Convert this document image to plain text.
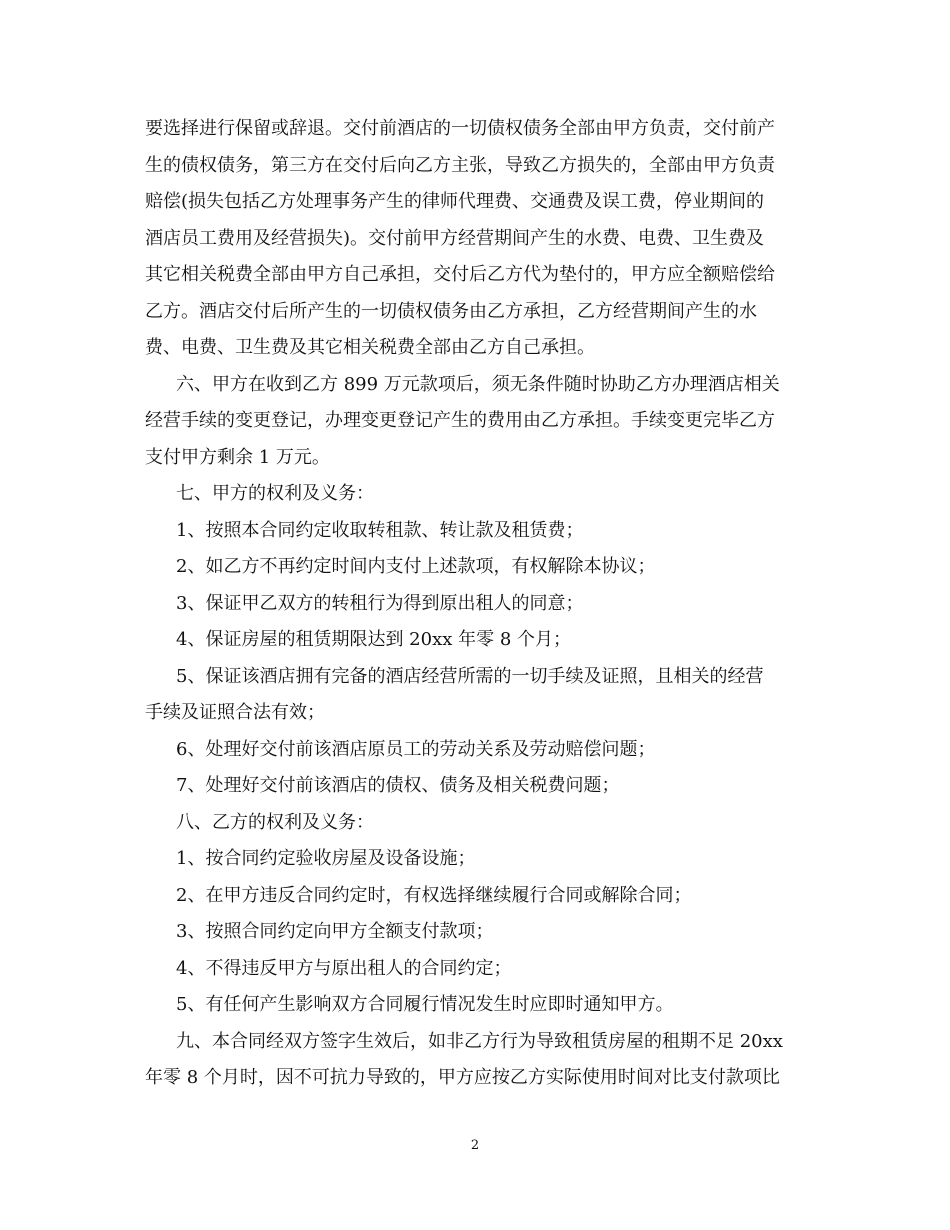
要选择进行保留或辞退。交付前酒店的一切债权债务全部由甲方负责，交付前产
生的债权债务，第三方在交付后向乙方主张，导致乙方损失的，全部由甲方负责
赔偿(损失包括乙方处理事务产生的律师代理费、交通费及误工费，停业期间的
酒店员工费用及经营损失)。交付前甲方经营期间产生的水费、电费、卫生费及
其它相关税费全部由甲方自己承担，交付后乙方代为垫付的，甲方应全额赔偿给
乙方。酒店交付后所产生的一切债权债务由乙方承担，乙方经营期间产生的水
费、电费、卫生费及其它相关税费全部由乙方自己承担。
六、甲方在收到乙方 899 万元款项后，须无条件随时协助乙方办理酒店相关
经营手续的变更登记，办理变更登记产生的费用由乙方承担。手续变更完毕乙方
支付甲方剩余 1 万元。
七、甲方的权利及义务：
1、按照本合同约定收取转租款、转让款及租赁费；
2、如乙方不再约定时间内支付上述款项，有权解除本协议；
3、保证甲乙双方的转租行为得到原出租人的同意；
4、保证房屋的租赁期限达到 20xx 年零 8 个月；
5、保证该酒店拥有完备的酒店经营所需的一切手续及证照，且相关的经营
手续及证照合法有效；
6、处理好交付前该酒店原员工的劳动关系及劳动赔偿问题；
7、处理好交付前该酒店的债权、债务及相关税费问题；
八、乙方的权利及义务：
1、按合同约定验收房屋及设备设施；
2、在甲方违反合同约定时，有权选择继续履行合同或解除合同；
3、按照合同约定向甲方全额支付款项；
4、不得违反甲方与原出租人的合同约定；
5、有任何产生影响双方合同履行情况发生时应即时通知甲方。
九、本合同经双方签字生效后，如非乙方行为导致租赁房屋的租期不足 20xx
年零 8 个月时，因不可抗力导致的，甲方应按乙方实际使用时间对比支付款项比
2
